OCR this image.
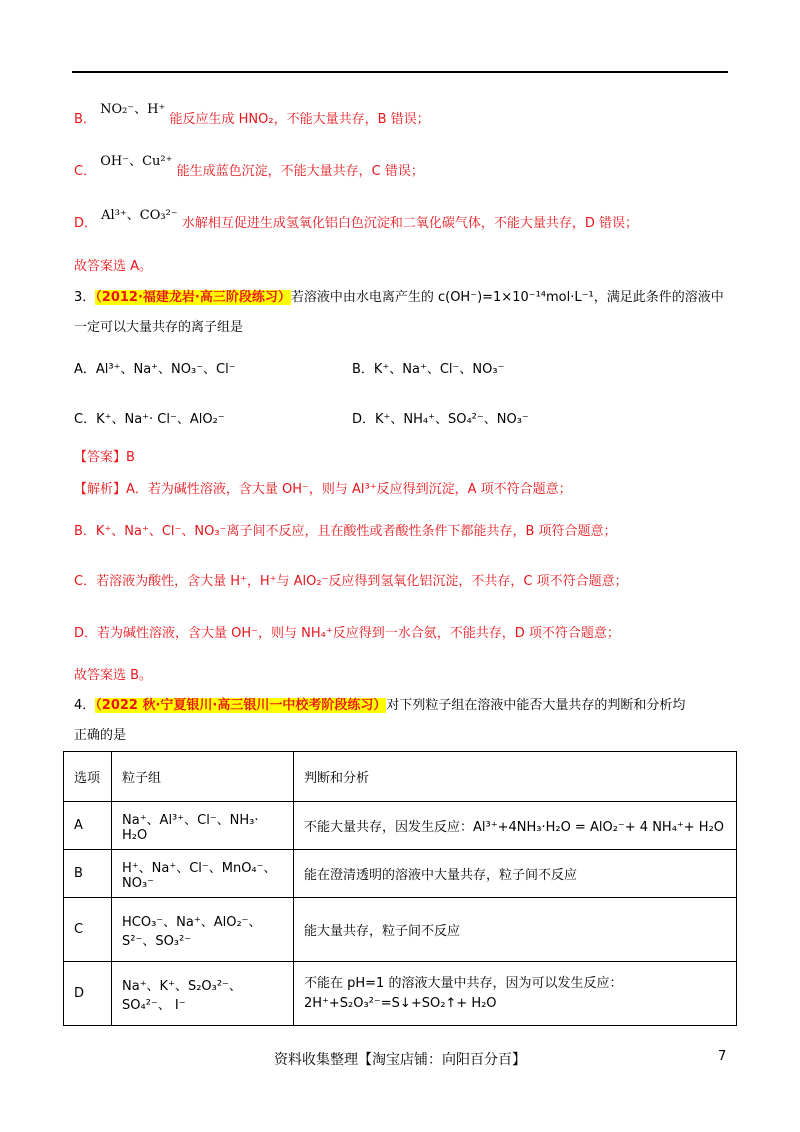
B． NO₂⁻、H⁺ 能反应生成 HNO₂，不能大量共存，B 错误；
C． OH⁻、Cu²⁺ 能生成蓝色沉淀，不能大量共存，C 错误；
D． Al³⁺、CO₃²⁻ 水解相互促进生成氢氧化铝白色沉淀和二氧化碳气体，不能大量共存，D 错误；
故答案选 A。
3．（2012·福建龙岩·高三阶段练习）若溶液中由水电离产生的 c(OH⁻)=1×10⁻¹⁴mol·L⁻¹，满足此条件的溶液中
一定可以大量共存的离子组是
A．Al³⁺、Na⁺、NO₃⁻、Cl⁻	B．K⁺、Na⁺、Cl⁻、NO₃⁻
C．K⁺、Na⁺· Cl⁻、AlO₂⁻	D．K⁺、NH₄⁺、SO₄²⁻、NO₃⁻
【答案】B
【解析】A．若为碱性溶液，含大量 OH⁻，则与 Al³⁺反应得到沉淀，A 项不符合题意；
B．K⁺、Na⁺、Cl⁻、NO₃⁻离子间不反应，且在酸性或者酸性条件下都能共存，B 项符合题意；
C．若溶液为酸性，含大量 H⁺，H⁺与 AlO₂⁻反应得到氢氧化铝沉淀，不共存，C 项不符合题意；
D．若为碱性溶液，含大量 OH⁻，则与 NH₄⁺反应得到一水合氨，不能共存，D 项不符合题意；
故答案选 B。
4．（2022 秋·宁夏银川·高三银川一中校考阶段练习）对下列粒子组在溶液中能否大量共存的判断和分析均
正确的是
选项	粒子组	判断和分析
A	Na⁺、Al³⁺、Cl⁻、NH₃· H₂O	不能大量共存，因发生反应：Al³⁺+4NH₃·H₂O = AlO₂⁻+ 4 NH₄⁺+ H₂O
B	H⁺、Na⁺、Cl⁻、MnO₄⁻、NO₃⁻	能在澄清透明的溶液中大量共存，粒子间不反应
C	HCO₃⁻、Na⁺、AlO₂⁻、S²⁻、SO₃²⁻	能大量共存，粒子间不反应
D	Na⁺、K⁺、S₂O₃²⁻、SO₄²⁻、 I⁻	不能在 pH=1 的溶液大量中共存，因为可以发生反应：2H⁺+S₂O₃²⁻=S↓+SO₂↑+ H₂O
资料收集整理【淘宝店铺：向阳百分百】	7
